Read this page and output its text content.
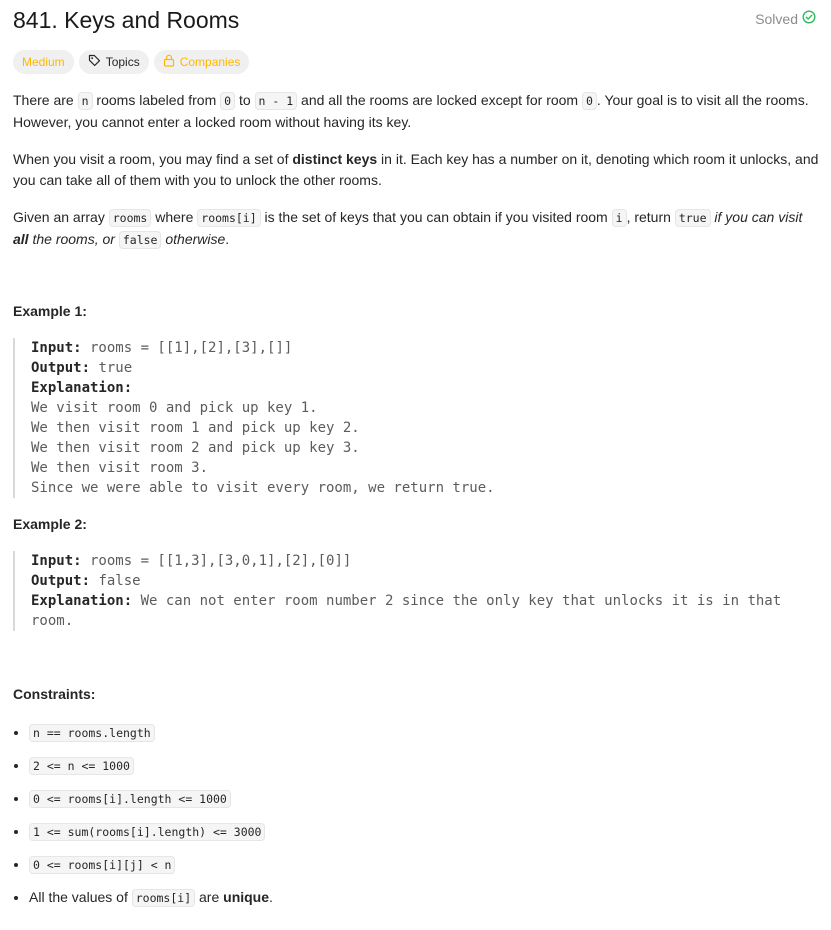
841. Keys and Rooms	Solved
Medium	Topics	Companies

There are n rooms labeled from 0 to n - 1 and all the rooms are locked except for room 0 . Your goal is to visit all the rooms. However, you cannot enter a locked room without having its key.

When you visit a room, you may find a set of distinct keys in it. Each key has a number on it, denoting which room it unlocks, and you can take all of them with you to unlock the other rooms.

Given an array rooms where rooms[i] is the set of keys that you can obtain if you visited room i , return true if you can visit all the rooms, or false otherwise.

Example 1:
Input: rooms = [[1],[2],[3],[]]
Output: true
Explanation:
We visit room 0 and pick up key 1.
We then visit room 1 and pick up key 2.
We then visit room 2 and pick up key 3.
We then visit room 3.
Since we were able to visit every room, we return true.
Example 2:
Input: rooms = [[1,3],[3,0,1],[2],[0]]
Output: false
Explanation: We can not enter room number 2 since the only key that unlocks it is in that room.
Constraints:
• n == rooms.length
• 2 <= n <= 1000
• 0 <= rooms[i].length <= 1000
• 1 <= sum(rooms[i].length) <= 3000
• 0 <= rooms[i][j] < n
• All the values of rooms[i] are unique.
